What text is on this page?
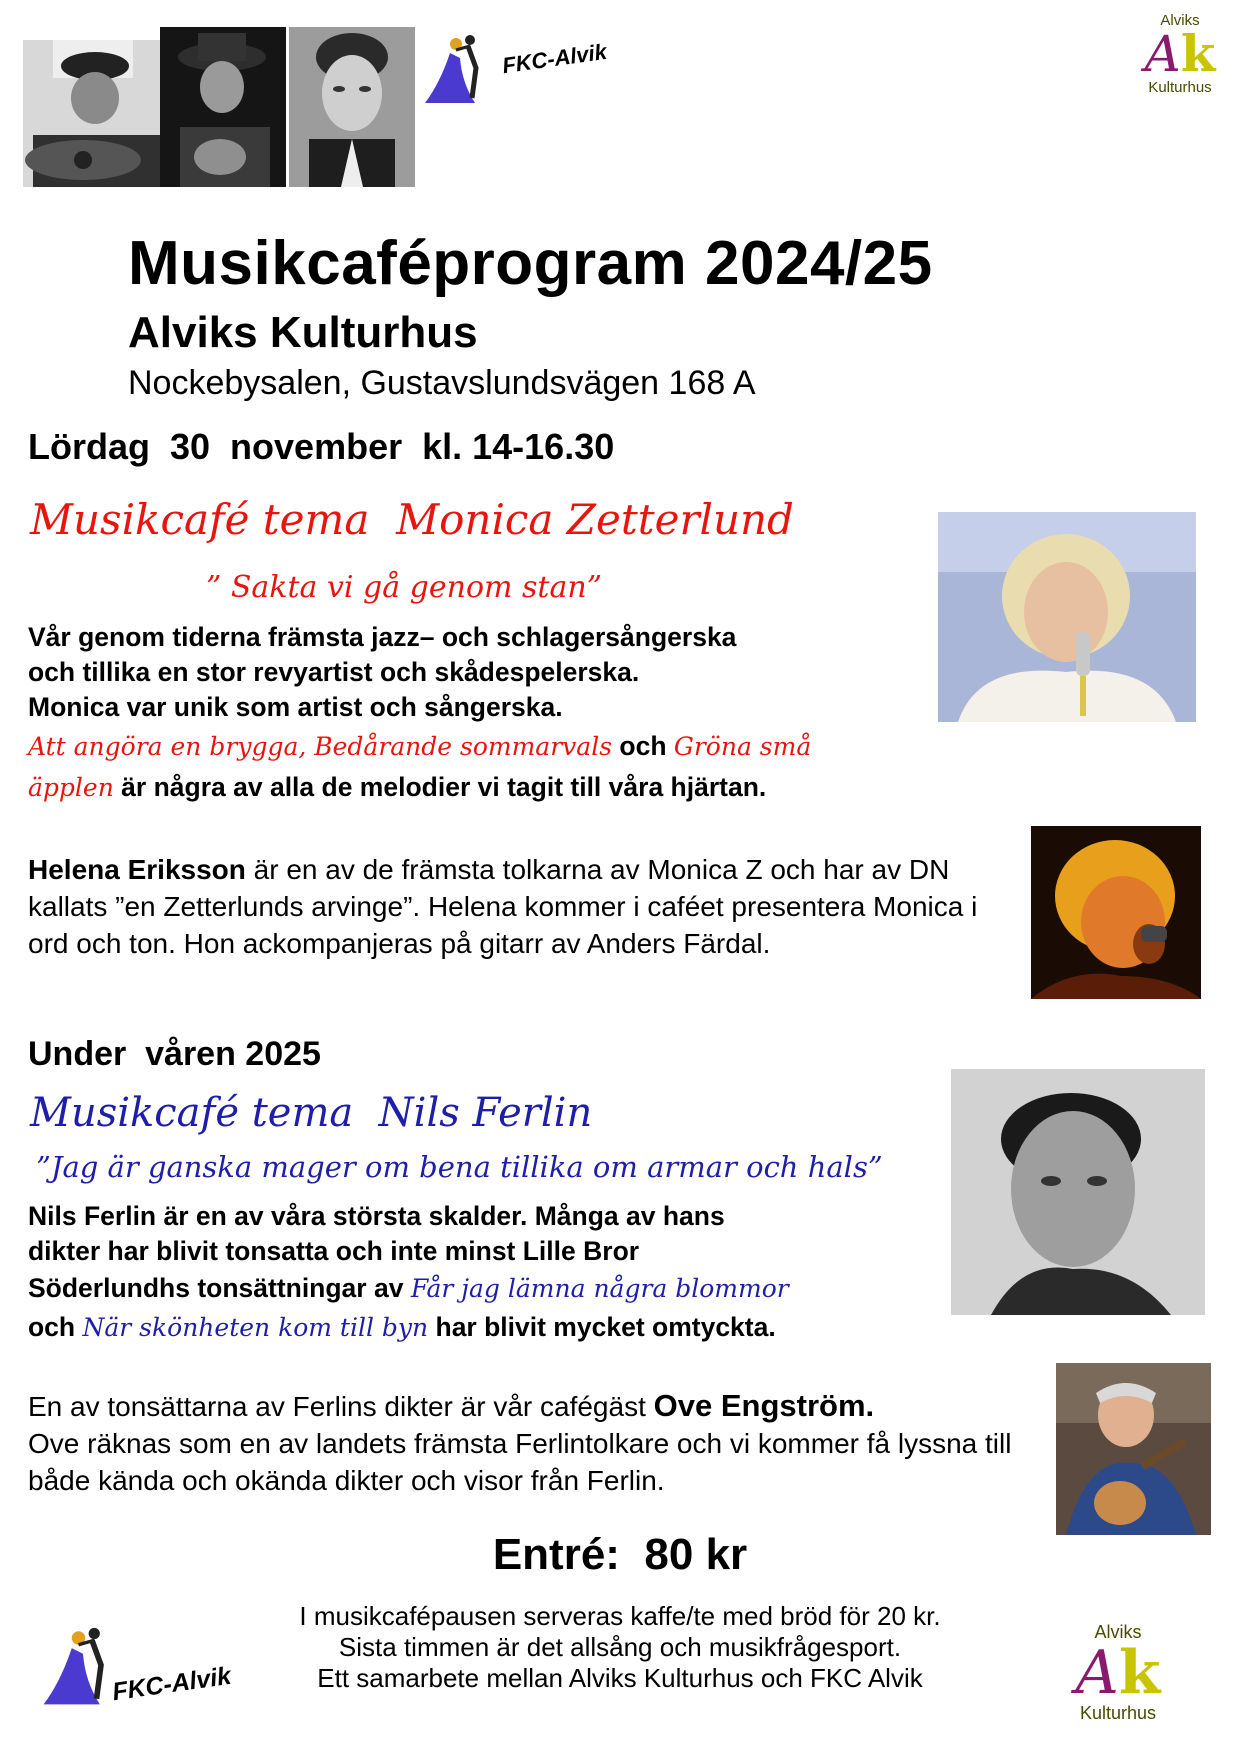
FKC-Alvik
Alviks
Ak
Kulturhus
Musikcaféprogram 2024/25
Alviks Kulturhus
Nockebysalen, Gustavslundsvägen 168 A
Lördag  30  november  kl. 14-16.30
Musikcafé tema  Monica Zetterlund
” Sakta vi gå genom stan”
Vår genom tiderna främsta jazz– och schlagersångerska
och tillika en stor revyartist och skådespelerska.
Monica var unik som artist och sångerska.
Att angöra en brygga, Bedårande sommarvals och Gröna små
äpplen är några av alla de melodier vi tagit till våra hjärtan.
Helena Eriksson är en av de främsta tolkarna av Monica Z och har av DN kallats ”en Zetterlunds arvinge”. Helena kommer i caféet presentera Monica i ord och ton. Hon ackompanjeras på gitarr av Anders Färdal.
Under  våren 2025
Musikcafé tema  Nils Ferlin
”Jag är ganska mager om bena tillika om armar och hals”
Nils Ferlin är en av våra största skalder. Många av hans
dikter har blivit tonsatta och inte minst Lille Bror
Söderlundhs tonsättningar av Får jag lämna några blommor
och När skönheten kom till byn har blivit mycket omtyckta.
En av tonsättarna av Ferlins dikter är vår cafégäst Ove Engström.
Ove räknas som en av landets främsta Ferlintolkare och vi kommer få lyssna till både kända och okända dikter och visor från Ferlin.
Entré:  80 kr
I musikcafépausen serveras kaffe/te med bröd för 20 kr.
Sista timmen är det allsång och musikfrågesport.
Ett samarbete mellan Alviks Kulturhus och FKC Alvik
FKC-Alvik
Alviks
Ak
Kulturhus
